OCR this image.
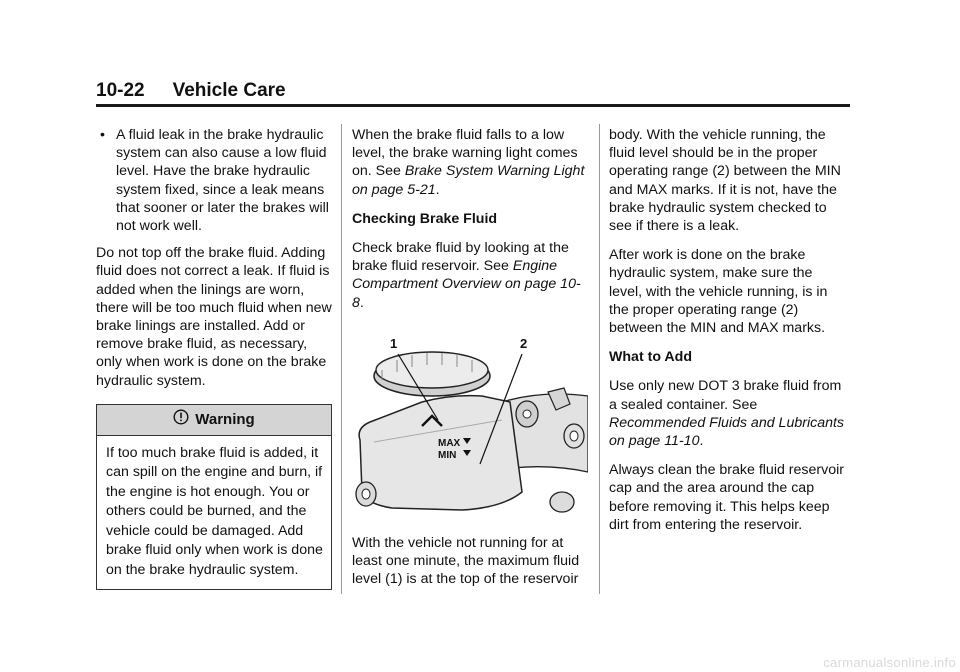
10-22 Vehicle Care
• A fluid leak in the brake hydraulic system can also cause a low fluid level. Have the brake hydraulic system fixed, since a leak means that sooner or later the brakes will not work well.

Do not top off the brake fluid. Adding fluid does not correct a leak. If fluid is added when the linings are worn, there will be too much fluid when new brake linings are installed. Add or remove brake fluid, as necessary, only when work is done on the brake hydraulic system.

Warning
If too much brake fluid is added, it can spill on the engine and burn, if the engine is hot enough. You or others could be burned, and the vehicle could be damaged. Add brake fluid only when work is done on the brake hydraulic system.

When the brake fluid falls to a low level, the brake warning light comes on. See Brake System Warning Light on page 5-21.

Checking Brake Fluid

Check brake fluid by looking at the brake fluid reservoir. See Engine Compartment Overview on page 10-8.

MAX
MIN
1	2

With the vehicle not running for at least one minute, the maximum fluid level (1) is at the top of the reservoir

body. With the vehicle running, the fluid level should be in the proper operating range (2) between the MIN and MAX marks. If it is not, have the brake hydraulic system checked to see if there is a leak.

After work is done on the brake hydraulic system, make sure the level, with the vehicle running, is in the proper operating range (2) between the MIN and MAX marks.

What to Add

Use only new DOT 3 brake fluid from a sealed container. See Recommended Fluids and Lubricants on page 11-10.

Always clean the brake fluid reservoir cap and the area around the cap before removing it. This helps keep dirt from entering the reservoir.

carmanualsonline.info
